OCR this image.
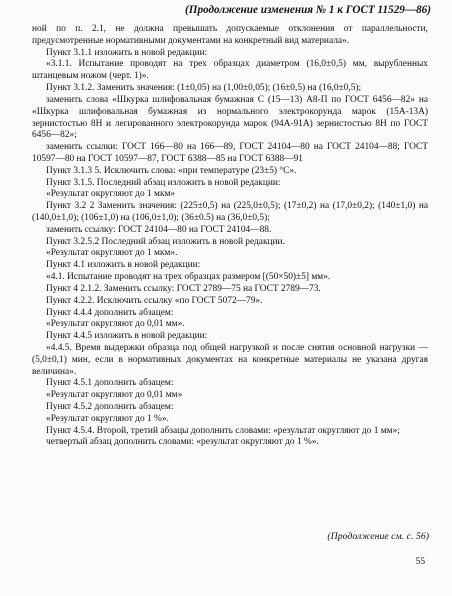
(Продолжение изменения № 1 к ГОСТ 11529—86)

ной по п. 2.1, не должна превышать допускаемые отклонения от параллельности, предусмотренные нормативными документами на конкретный вид материала».

Пункт 3.1.1 изложить в новой редакции:

«3.1.1. Испытание проводят на трех образцах диаметром (16,0±0,5) мм, вырубленных штанцевым ножом (черт. 1)».

Пункт 3.1.2. Заменить значения: (1±0,05) на (1,00±0,05); (16±0,5) на (16,0±0,5);

заменить слова «Шкурка шлифовальная бумажная С (15—13) А8-П по ГОСТ 6456—82» на «Шкурка шлифовальная бумажная из нормального электрокорунда марок (15А-13А) зернистостью 8Н и легированного электрокорунда марок (94А-91А) зернистостью 8Н по ГОСТ 6456—82»;

заменить ссылки: ГОСТ 166—80 на 166—89, ГОСТ 24104—80 на ГОСТ 24104—88; ГОСТ 10597—80 на ГОСТ 10597—87, ГОСТ 6388—85 на ГОСТ 6388—91

Пункт 3.1.3 5. Исключить слова: «при температуре (23±5) °С».

Пункт 3.1.5. Последний абзац изложить в новой редакции:

«Результат округляют до 1 мкм»

Пункт 3.2 2 Заменить значения: (225±0,5) на (225,0±0,5); (17±0,2) на (17,0±0,2); (140±1,0) на (140,0±1,0); (106±1,0) на (106,0±1,0); (36±0.5) на (36,0±0,5);

заменить ссылку: ГОСТ 24104—80 на ГОСТ 24104—88.

Пункт 3.2.5.2 Последний абзац изложить в новой редакции.

«Результат округляют до 1 мкм».

Пункт 4.1 изложить в новой редакции:

«4.1. Испытание проводят на трех образцах размером [(50×50)±5] мм».

Пункт 4 2.1.2. Заменить ссылку: ГОСТ 2789—75 на ГОСТ 2789—73.

Пункт 4.2.2. Исключить ссылку «по ГОСТ 5072—79».

Пункт 4.4.4 дополнить абзацем:

«Результат округляют до 0,01 мм».

Пункт 4.4.5 изложить в новой редакции:

«4.4.5. Время выдержки образца под общей нагрузкой и после снятия основной нагрузки — (5,0±0,1) мин, если в нормативных документах на конкретные материалы не указана другая величина».

Пункт 4.5.1 дополнить абзацем:

«Результат округляют до 0,01 мм»

Пункт 4.5.2 дополнить абзацем:

«Результат округляют до 1 %».

Пункт 4.5.4. Второй, третий абзацы дополнить словами: «результат округляют до 1 мм»;

четвертый абзац дополнить словами: «результат округляют до 1 %».

(Продолжение см. с. 56)
55
